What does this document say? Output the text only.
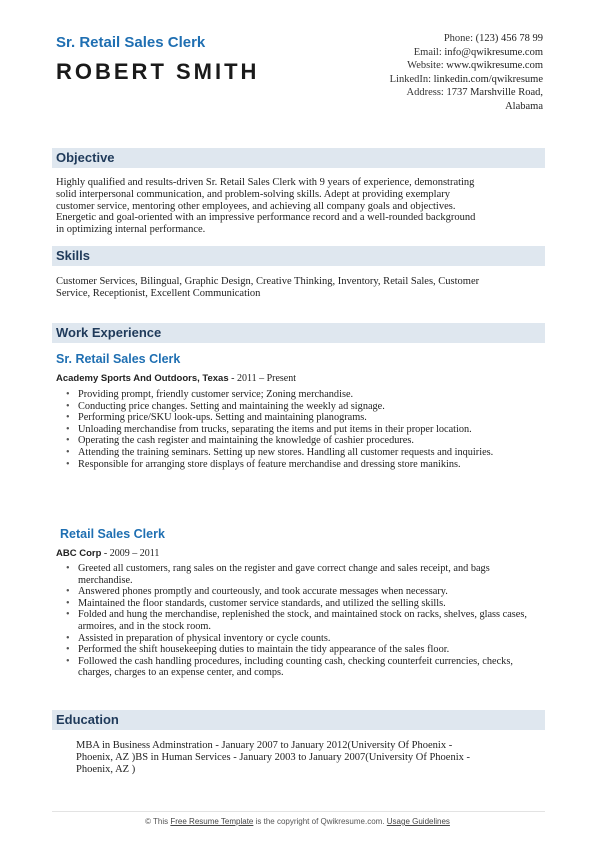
Sr. Retail Sales Clerk
ROBERT SMITH
Phone: (123) 456 78 99
Email: info@qwikresume.com
Website: www.qwikresume.com
LinkedIn: linkedin.com/qwikresume
Address: 1737 Marshville Road,
Alabama
Objective
Highly qualified and results-driven Sr. Retail Sales Clerk with 9 years of experience, demonstrating
solid interpersonal communication, and problem-solving skills. Adept at providing exemplary
customer service, mentoring other employees, and achieving all company goals and objectives.
Energetic and goal-oriented with an impressive performance record and a well-rounded background
in optimizing internal performance.
Skills
Customer Services, Bilingual, Graphic Design, Creative Thinking, Inventory, Retail Sales, Customer
Service, Receptionist, Excellent Communication
Work Experience
Sr. Retail Sales Clerk
Academy Sports And Outdoors, Texas - 2011 – Present
• Providing prompt, friendly customer service; Zoning merchandise.
• Conducting price changes. Setting and maintaining the weekly ad signage.
• Performing price/SKU look-ups. Setting and maintaining planograms.
• Unloading merchandise from trucks, separating the items and put items in their proper location.
• Operating the cash register and maintaining the knowledge of cashier procedures.
• Attending the training seminars. Setting up new stores. Handling all customer requests and inquiries.
• Responsible for arranging store displays of feature merchandise and dressing store manikins.
Retail Sales Clerk
ABC Corp - 2009 – 2011
• Greeted all customers, rang sales on the register and gave correct change and sales receipt, and bags merchandise.
• Answered phones promptly and courteously, and took accurate messages when necessary.
• Maintained the floor standards, customer service standards, and utilized the selling skills.
• Folded and hung the merchandise, replenished the stock, and maintained stock on racks, shelves, glass cases, armoires, and in the stock room.
• Assisted in preparation of physical inventory or cycle counts.
• Performed the shift housekeeping duties to maintain the tidy appearance of the sales floor.
• Followed the cash handling procedures, including counting cash, checking counterfeit currencies, checks, charges, charges to an expense center, and comps.
Education
MBA in Business Adminstration - January 2007 to January 2012(University Of Phoenix -
Phoenix, AZ )BS in Human Services - January 2003 to January 2007(University Of Phoenix -
Phoenix, AZ )
© This Free Resume Template is the copyright of Qwikresume.com. Usage Guidelines
